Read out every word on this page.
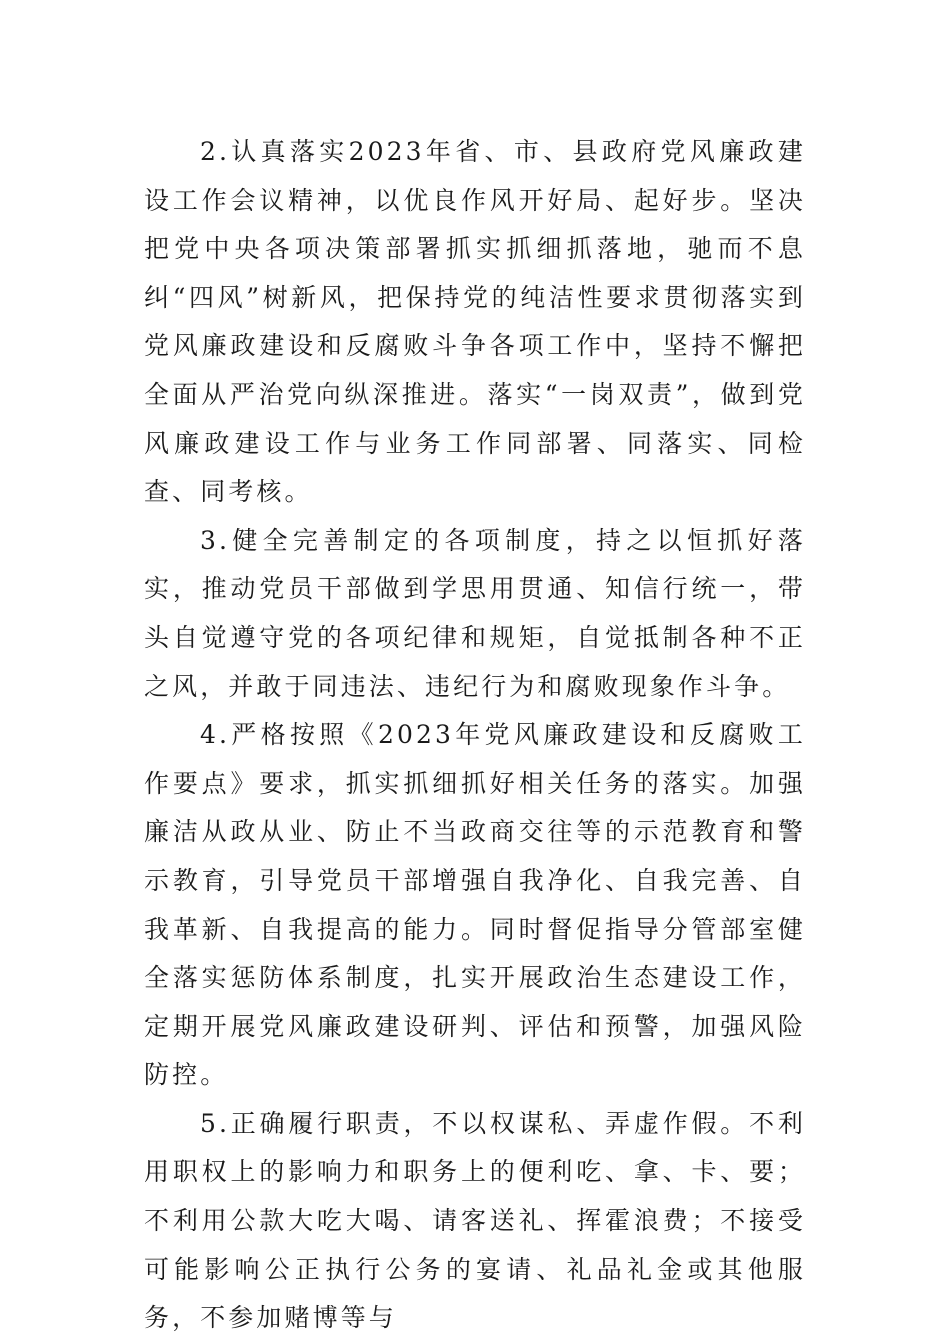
2.认真落实2023年省、市、县政府党风廉政建设工作会议精神，以优良作风开好局、起好步。坚决把党中央各项决策部署抓实抓细抓落地，驰而不息纠“四风”树新风，把保持党的纯洁性要求贯彻落实到党风廉政建设和反腐败斗争各项工作中，坚持不懈把全面从严治党向纵深推进。落实“一岗双责”，做到党风廉政建设工作与业务工作同部署、同落实、同检查、同考核。

3.健全完善制定的各项制度，持之以恒抓好落实，推动党员干部做到学思用贯通、知信行统一，带头自觉遵守党的各项纪律和规矩，自觉抵制各种不正之风，并敢于同违法、违纪行为和腐败现象作斗争。

4.严格按照《2023年党风廉政建设和反腐败工作要点》要求，抓实抓细抓好相关任务的落实。加强廉洁从政从业、防止不当政商交往等的示范教育和警示教育，引导党员干部增强自我净化、自我完善、自我革新、自我提高的能力。同时督促指导分管部室健全落实惩防体系制度，扎实开展政治生态建设工作，定期开展党风廉政建设研判、评估和预警，加强风险防控。

5.正确履行职责，不以权谋私、弄虚作假。不利用职权上的影响力和职务上的便利吃、拿、卡、要；不利用公款大吃大喝、请客送礼、挥霍浪费；不接受可能影响公正执行公务的宴请、礼品礼金或其他服务，不参加赌博等与
